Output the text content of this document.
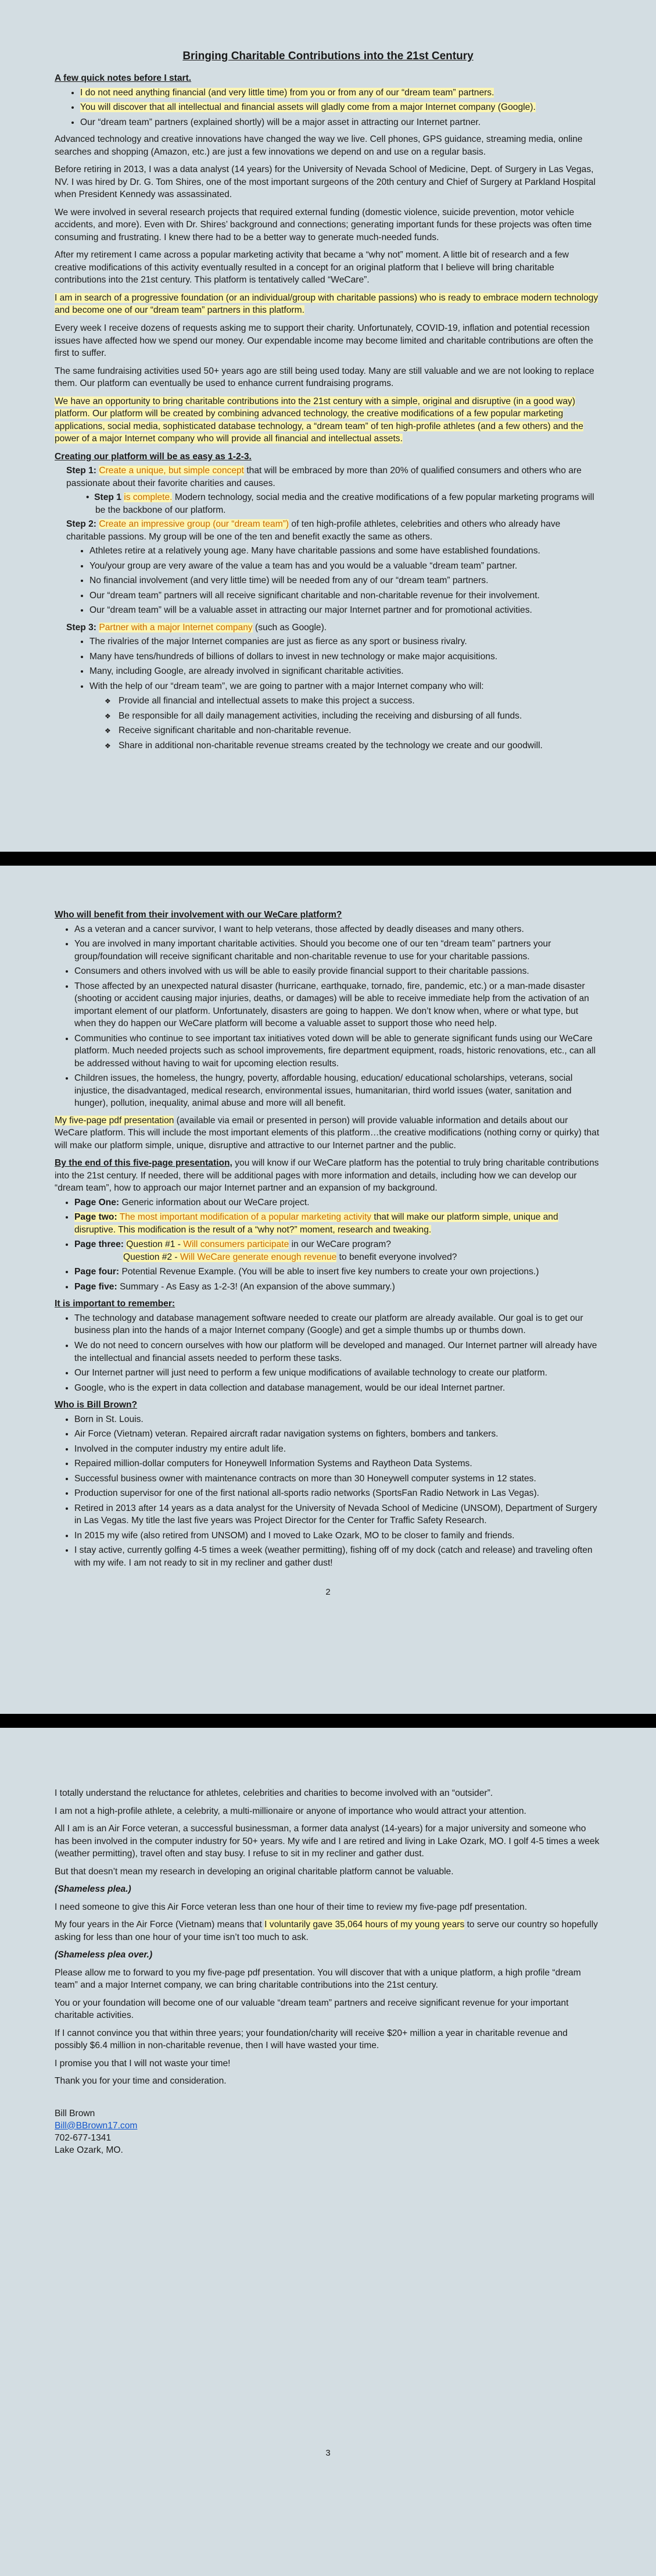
Bringing Charitable Contributions into the 21st Century
A few quick notes before I start.
• I do not need anything financial (and very little time) from you or from any of our “dream team” partners.
• You will discover that all intellectual and financial assets will gladly come from a major Internet company (Google).
• Our “dream team” partners (explained shortly) will be a major asset in attracting our Internet partner.

Advanced technology and creative innovations have changed the way we live. Cell phones, GPS guidance, streaming media, online searches and shopping (Amazon, etc.) are just a few innovations we depend on and use on a regular basis.

Before retiring in 2013, I was a data analyst (14 years) for the University of Nevada School of Medicine, Dept. of Surgery in Las Vegas, NV. I was hired by Dr. G. Tom Shires, one of the most important surgeons of the 20th century and Chief of Surgery at Parkland Hospital when President Kennedy was assassinated.

We were involved in several research projects that required external funding (domestic violence, suicide prevention, motor vehicle accidents, and more). Even with Dr. Shires’ background and connections; generating important funds for these projects was often time consuming and frustrating. I knew there had to be a better way to generate much-needed funds.

After my retirement I came across a popular marketing activity that became a “why not” moment. A little bit of research and a few creative modifications of this activity eventually resulted in a concept for an original platform that I believe will bring charitable contributions into the 21st century. This platform is tentatively called “WeCare”.

I am in search of a progressive foundation (or an individual/group with charitable passions) who is ready to embrace modern technology and become one of our “dream team” partners in this platform.

Every week I receive dozens of requests asking me to support their charity. Unfortunately, COVID-19, inflation and potential recession issues have affected how we spend our money. Our expendable income may become limited and charitable contributions are often the first to suffer.

The same fundraising activities used 50+ years ago are still being used today. Many are still valuable and we are not looking to replace them. Our platform can eventually be used to enhance current fundraising programs.

We have an opportunity to bring charitable contributions into the 21st century with a simple, original and disruptive (in a good way) platform. Our platform will be created by combining advanced technology, the creative modifications of a few popular marketing applications, social media, sophisticated database technology, a “dream team” of ten high-profile athletes (and a few others) and the power of a major Internet company who will provide all financial and intellectual assets.

Creating our platform will be as easy as 1-2-3.

Step 1: Create a unique, but simple concept that will be embraced by more than 20% of qualified consumers and others who are passionate about their favorite charities and causes.

• Step 1 is complete. Modern technology, social media and the creative modifications of a few popular marketing programs will be the backbone of our platform.

Step 2: Create an impressive group (our “dream team”) of ten high-profile athletes, celebrities and others who already have charitable passions. My group will be one of the ten and benefit exactly the same as others.

• Athletes retire at a relatively young age. Many have charitable passions and some have established foundations.
• You/your group are very aware of the value a team has and you would be a valuable “dream team” partner.
• No financial involvement (and very little time) will be needed from any of our “dream team” partners.
• Our “dream team” partners will all receive significant charitable and non-charitable revenue for their involvement.
• Our “dream team” will be a valuable asset in attracting our major Internet partner and for promotional activities.

Step 3: Partner with a major Internet company (such as Google).

• The rivalries of the major Internet companies are just as fierce as any sport or business rivalry.
• Many have tens/hundreds of billions of dollars to invest in new technology or make major acquisitions.
• Many, including Google, are already involved in significant charitable activities.
• With the help of our “dream team”, we are going to partner with a major Internet company who will:
❖ Provide all financial and intellectual assets to make this project a success.
❖ Be responsible for all daily management activities, including the receiving and disbursing of all funds.
❖ Receive significant charitable and non-charitable revenue.
❖ Share in additional non-charitable revenue streams created by the technology we create and our goodwill.
Who will benefit from their involvement with our WeCare platform?
• As a veteran and a cancer survivor, I want to help veterans, those affected by deadly diseases and many others.
• You are involved in many important charitable activities. Should you become one of our ten “dream team” partners your group/foundation will receive significant charitable and non-charitable revenue to use for your charitable passions.
• Consumers and others involved with us will be able to easily provide financial support to their charitable passions.
• Those affected by an unexpected natural disaster (hurricane, earthquake, tornado, fire, pandemic, etc.) or a man-made disaster (shooting or accident causing major injuries, deaths, or damages) will be able to receive immediate help from the activation of an important element of our platform. Unfortunately, disasters are going to happen. We don’t know when, where or what type, but when they do happen our WeCare platform will become a valuable asset to support those who need help.
• Communities who continue to see important tax initiatives voted down will be able to generate significant funds using our WeCare platform. Much needed projects such as school improvements, fire department equipment, roads, historic renovations, etc., can all be addressed without having to wait for upcoming election results.
• Children issues, the homeless, the hungry, poverty, affordable housing, education/ educational scholarships, veterans, social injustice, the disadvantaged, medical research, environmental issues, humanitarian, third world issues (water, sanitation and hunger), pollution, inequality, animal abuse and more will all benefit.

My five-page pdf presentation (available via email or presented in person) will provide valuable information and details about our WeCare platform. This will include the most important elements of this platform…the creative modifications (nothing corny or quirky) that will make our platform simple, unique, disruptive and attractive to our Internet partner and the public.

By the end of this five-page presentation, you will know if our WeCare platform has the potential to truly bring charitable contributions into the 21st century. If needed, there will be additional pages with more information and details, including how we can develop our “dream team”, how to approach our major Internet partner and an expansion of my background.

• Page One: Generic information about our WeCare project.
• Page two: The most important modification of a popular marketing activity that will make our platform simple, unique and disruptive. This modification is the result of a “why not?” moment, research and tweaking.
• Page three: Question #1 - Will consumers participate in our WeCare program?
Question #2 - Will WeCare generate enough revenue to benefit everyone involved?
• Page four: Potential Revenue Example. (You will be able to insert five key numbers to create your own projections.)
• Page five: Summary - As Easy as 1-2-3! (An expansion of the above summary.)
It is important to remember:
• The technology and database management software needed to create our platform are already available. Our goal is to get our business plan into the hands of a major Internet company (Google) and get a simple thumbs up or thumbs down.
• We do not need to concern ourselves with how our platform will be developed and managed. Our Internet partner will already have the intellectual and financial assets needed to perform these tasks.
• Our Internet partner will just need to perform a few unique modifications of available technology to create our platform.
• Google, who is the expert in data collection and database management, would be our ideal Internet partner.
Who is Bill Brown?
• Born in St. Louis.
• Air Force (Vietnam) veteran. Repaired aircraft radar navigation systems on fighters, bombers and tankers.
• Involved in the computer industry my entire adult life.
• Repaired million-dollar computers for Honeywell Information Systems and Raytheon Data Systems.
• Successful business owner with maintenance contracts on more than 30 Honeywell computer systems in 12 states.
• Production supervisor for one of the first national all-sports radio networks (SportsFan Radio Network in Las Vegas).
• Retired in 2013 after 14 years as a data analyst for the University of Nevada School of Medicine (UNSOM), Department of Surgery in Las Vegas. My title the last five years was Project Director for the Center for Traffic Safety Research.
• In 2015 my wife (also retired from UNSOM) and I moved to Lake Ozark, MO to be closer to family and friends.
• I stay active, currently golfing 4-5 times a week (weather permitting), fishing off of my dock (catch and release) and traveling often with my wife. I am not ready to sit in my recliner and gather dust!
2

I totally understand the reluctance for athletes, celebrities and charities to become involved with an “outsider”.

I am not a high-profile athlete, a celebrity, a multi-millionaire or anyone of importance who would attract your attention.

All I am is an Air Force veteran, a successful businessman, a former data analyst (14-years) for a major university and someone who has been involved in the computer industry for 50+ years. My wife and I are retired and living in Lake Ozark, MO. I golf 4-5 times a week (weather permitting), travel often and stay busy. I refuse to sit in my recliner and gather dust.

But that doesn’t mean my research in developing an original charitable platform cannot be valuable.

(Shameless plea.)

I need someone to give this Air Force veteran less than one hour of their time to review my five-page pdf presentation.

My four years in the Air Force (Vietnam) means that I voluntarily gave 35,064 hours of my young years to serve our country so hopefully asking for less than one hour of your time isn’t too much to ask.

(Shameless plea over.)

Please allow me to forward to you my five-page pdf presentation. You will discover that with a unique platform, a high profile “dream team” and a major Internet company, we can bring charitable contributions into the 21st century.

You or your foundation will become one of our valuable “dream team” partners and receive significant revenue for your important charitable activities.

If I cannot convince you that within three years; your foundation/charity will receive $20+ million a year in charitable revenue and possibly $6.4 million in non-charitable revenue, then I will have wasted your time.

I promise you that I will not waste your time!

Thank you for your time and consideration.

Bill Brown
Bill@BBrown17.com
702-677-1341
Lake Ozark, MO.
3
